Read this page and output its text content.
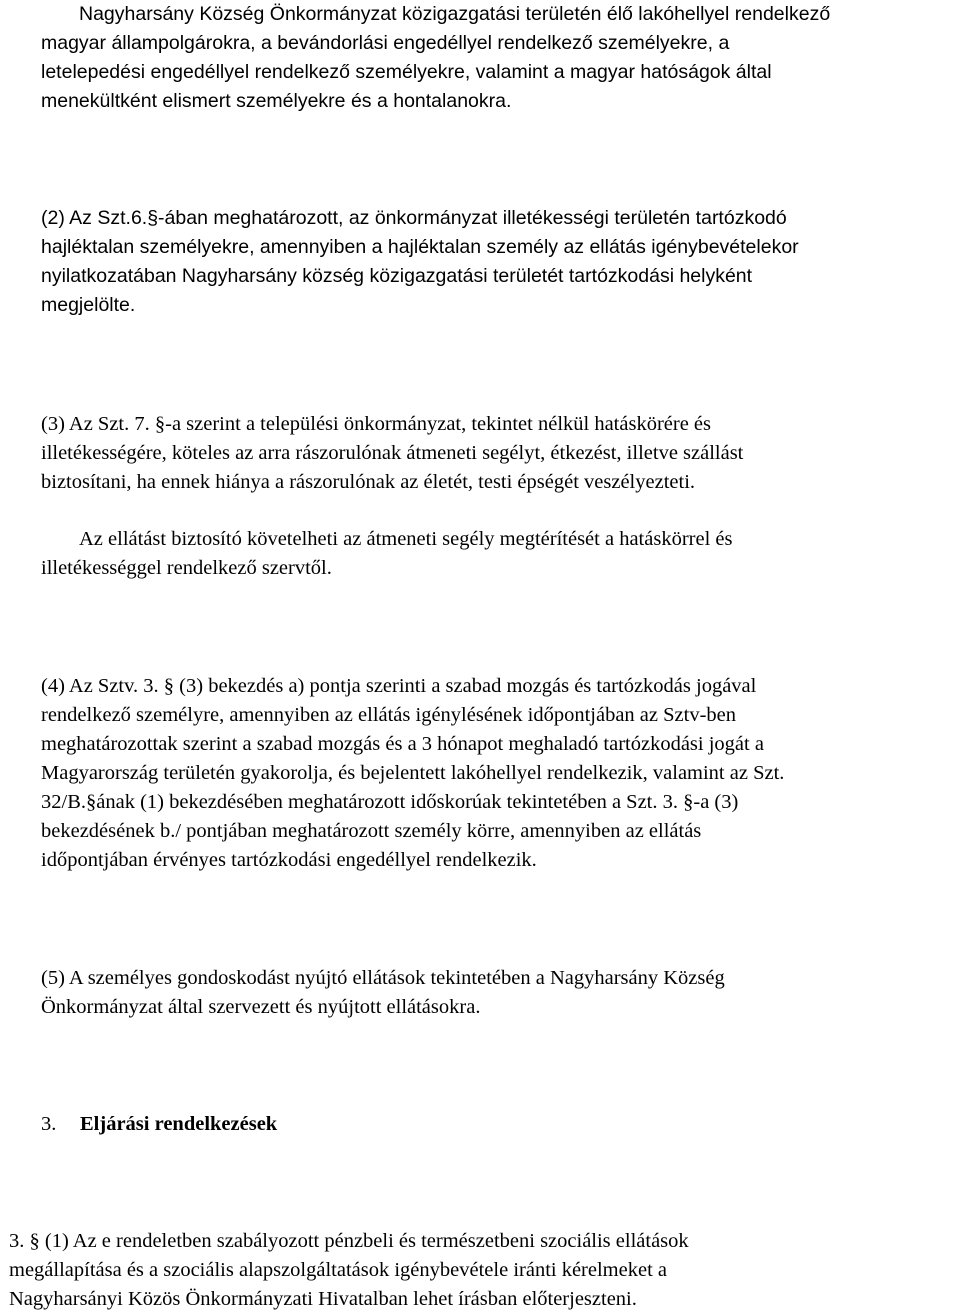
Nagyharsány Község Önkormányzat közigazgatási területén élő lakóhellyel rendelkező
magyar állampolgárokra, a bevándorlási engedéllyel rendelkező személyekre, a
letelepedési engedéllyel rendelkező személyekre, valamint a magyar hatóságok által
menekültként elismert személyekre és a hontalanokra.
(2) Az Szt.6.§-ában meghatározott, az önkormányzat illetékességi területén tartózkodó
hajléktalan személyekre, amennyiben a hajléktalan személy az ellátás igénybevételekor
nyilatkozatában Nagyharsány község közigazgatási területét tartózkodási helyként
megjelölte.
(3) Az Szt. 7. §-a szerint a települési önkormányzat, tekintet nélkül hatáskörére és
illetékességére, köteles az arra rászorulónak átmeneti segélyt, étkezést, illetve szállást
biztosítani, ha ennek hiánya a rászorulónak az életét, testi épségét veszélyezteti.
Az ellátást biztosító követelheti az átmeneti segély megtérítését a hatáskörrel és
illetékességgel rendelkező szervtől.
(4) Az Sztv. 3. § (3) bekezdés a) pontja szerinti a szabad mozgás és tartózkodás jogával
rendelkező személyre, amennyiben az ellátás igénylésének időpontjában az Sztv-ben
meghatározottak szerint a szabad mozgás és a 3 hónapot meghaladó tartózkodási jogát a
Magyarország területén gyakorolja, és bejelentett lakóhellyel rendelkezik, valamint az Szt.
32/B.§ának (1) bekezdésében meghatározott időskorúak tekintetében a Szt. 3. §-a (3)
bekezdésének b./ pontjában meghatározott személy körre, amennyiben az ellátás
időpontjában érvényes tartózkodási engedéllyel rendelkezik.
(5) A személyes gondoskodást nyújtó ellátások tekintetében a Nagyharsány Község
Önkormányzat által szervezett és nyújtott ellátásokra.
3. Eljárási rendelkezések
3. § (1) Az e rendeletben szabályozott pénzbeli és természetbeni szociális ellátások
megállapítása és a szociális alapszolgáltatások igénybevétele iránti kérelmeket a
Nagyharsányi Közös Önkormányzati Hivatalban lehet írásban előterjeszteni.
